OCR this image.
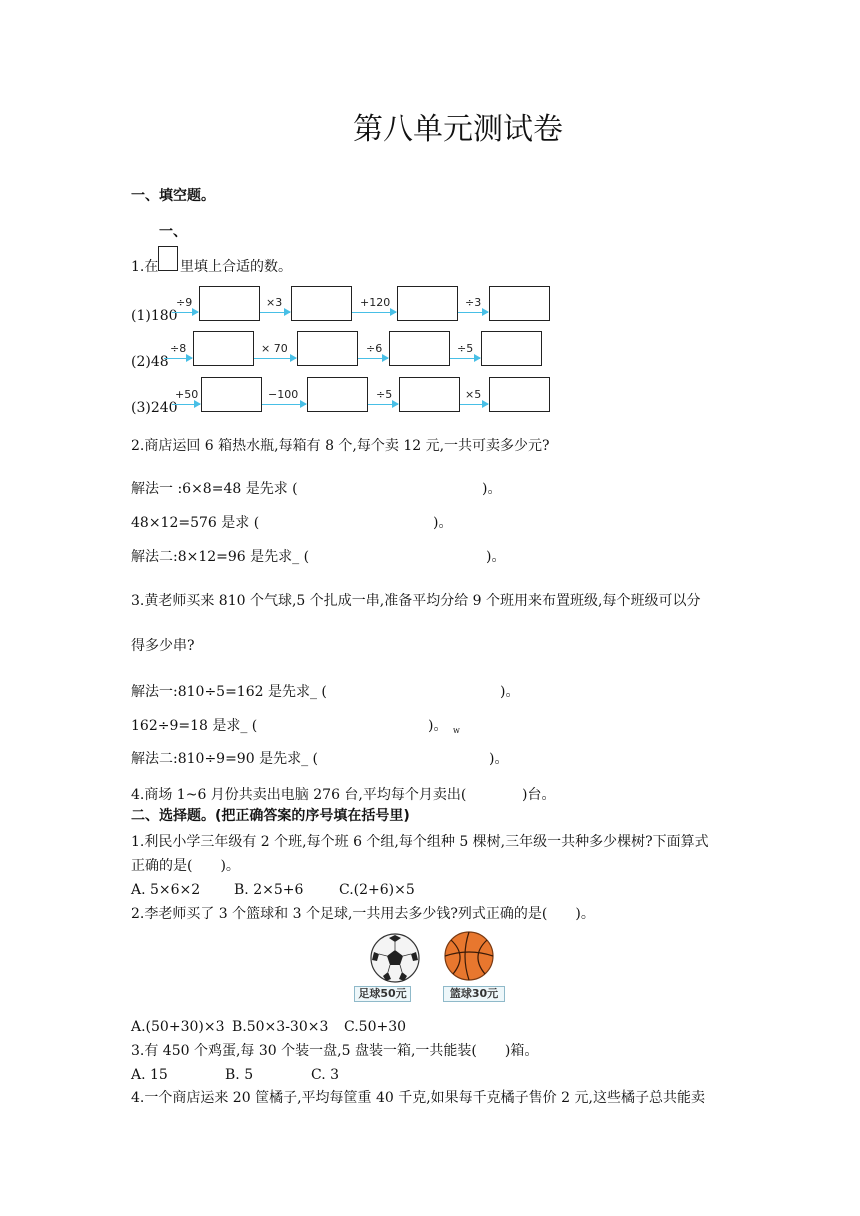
第八单元测试卷
一、填空题。
一、
1.在 里填上合适的数。
(1)180
÷9	×3	+120	÷3
(2)48
÷8	× 70	÷6	÷5
(3)240
+50	−100	÷5	×5
2.商店运回 6 箱热水瓶,每箱有 8 个,每个卖 12 元,一共可卖多少元?
解法一 :6×8=48 是先求 (	)。
48×12=576 是求 (	)。
解法二:8×12=96 是先求_ (	)。
3.黄老师买来 810 个气球,5 个扎成一串,准备平均分给 9 个班用来布置班级,每个班级可以分
得多少串?
解法一:810÷5=162 是先求_ (	)。
162÷9=18 是求_ (	)。 w
解法二:810÷9=90 是先求_ (	)。
4.商场 1~6 月份共卖出电脑 276 台,平均每个月卖出(	)台。
二、选择题。(把正确答案的序号填在括号里)
1.利民小学三年级有 2 个班,每个班 6 个组,每个组种 5 棵树,三年级一共种多少棵树?下面算式
正确的是(　　)。
A. 5×6×2 B. 2×5+6	C.(2+6)×5
2.李老师买了 3 个篮球和 3 个足球,一共用去多少钱?列式正确的是(　　)。
足球50元	篮球30元
A.(50+30)×3 B.50×3-30×3 C.50+30
3.有 450 个鸡蛋,每 30 个装一盘,5 盘装一箱,一共能装(　　)箱。
A. 15	B. 5	C. 3
4.一个商店运来 20 筐橘子,平均每筐重 40 千克,如果每千克橘子售价 2 元,这些橘子总共能卖
